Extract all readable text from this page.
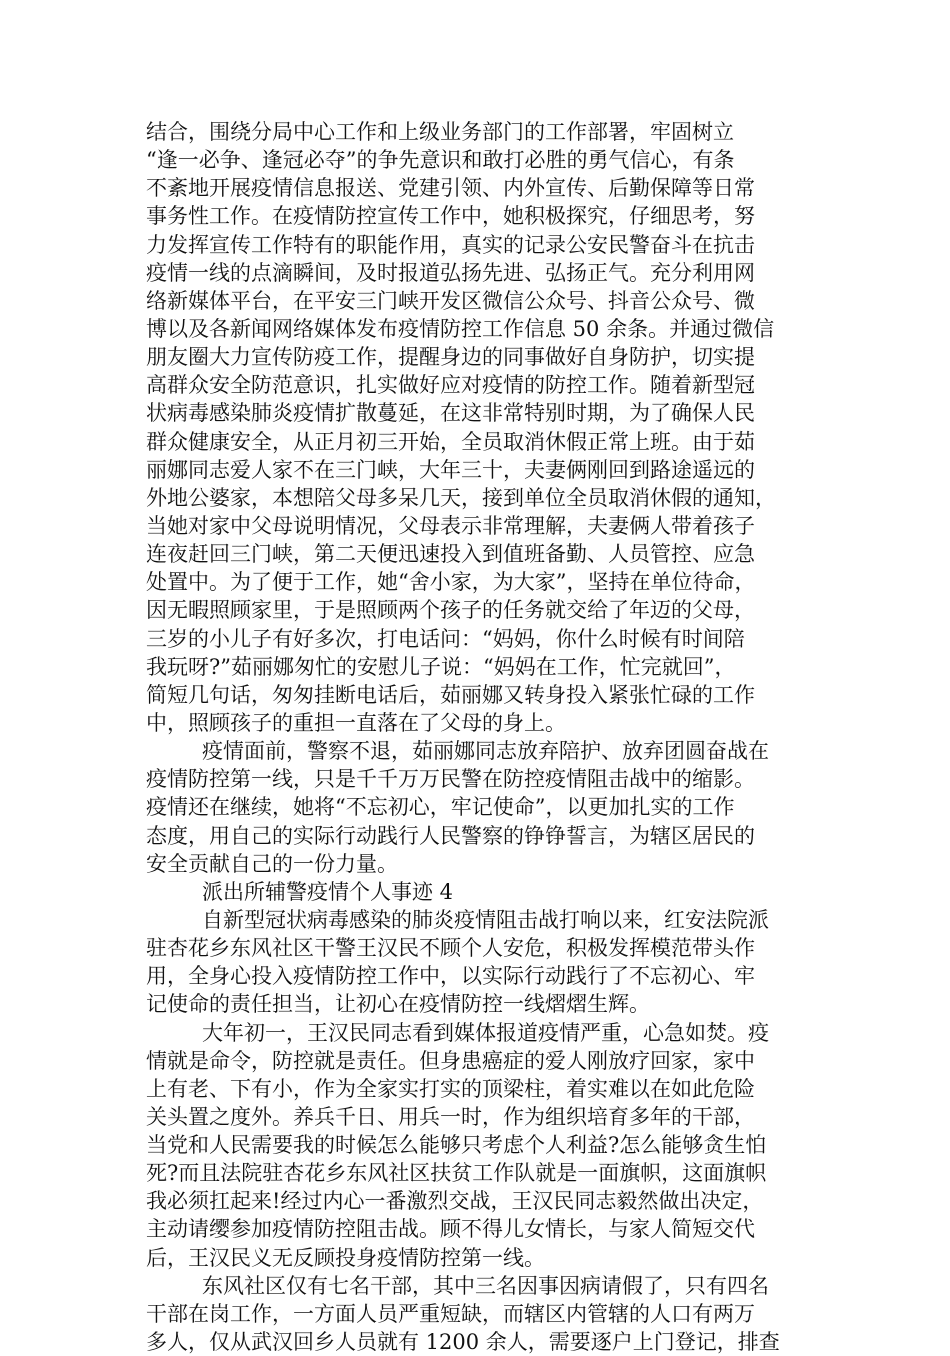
结合，围绕分局中心工作和上级业务部门的工作部署，牢固树立
“逢一必争、逢冠必夺”的争先意识和敢打必胜的勇气信心，有条
不紊地开展疫情信息报送、党建引领、内外宣传、后勤保障等日常
事务性工作。在疫情防控宣传工作中，她积极探究，仔细思考，努
力发挥宣传工作特有的职能作用，真实的记录公安民警奋斗在抗击
疫情一线的点滴瞬间，及时报道弘扬先进、弘扬正气。充分利用网
络新媒体平台，在平安三门峡开发区微信公众号、抖音公众号、微
博以及各新闻网络媒体发布疫情防控工作信息 50 余条。并通过微信
朋友圈大力宣传防疫工作，提醒身边的同事做好自身防护，切实提
高群众安全防范意识，扎实做好应对疫情的防控工作。随着新型冠
状病毒感染肺炎疫情扩散蔓延，在这非常特别时期，为了确保人民
群众健康安全，从正月初三开始，全员取消休假正常上班。由于茹
丽娜同志爱人家不在三门峡，大年三十，夫妻俩刚回到路途遥远的
外地公婆家，本想陪父母多呆几天，接到单位全员取消休假的通知，
当她对家中父母说明情况，父母表示非常理解，夫妻俩人带着孩子
连夜赶回三门峡，第二天便迅速投入到值班备勤、人员管控、应急
处置中。为了便于工作，她“舍小家，为大家”，坚持在单位待命，
因无暇照顾家里，于是照顾两个孩子的任务就交给了年迈的父母，
三岁的小儿子有好多次，打电话问：“妈妈，你什么时候有时间陪
我玩呀?”茹丽娜匆忙的安慰儿子说：“妈妈在工作，忙完就回”，
简短几句话，匆匆挂断电话后，茹丽娜又转身投入紧张忙碌的工作
中，照顾孩子的重担一直落在了父母的身上。
疫情面前，警察不退，茹丽娜同志放弃陪护、放弃团圆奋战在
疫情防控第一线，只是千千万万民警在防控疫情阻击战中的缩影。
疫情还在继续，她将“不忘初心，牢记使命”，以更加扎实的工作
态度，用自己的实际行动践行人民警察的铮铮誓言，为辖区居民的
安全贡献自己的一份力量。
派出所辅警疫情个人事迹 4
自新型冠状病毒感染的肺炎疫情阻击战打响以来，红安法院派
驻杏花乡东风社区干警王汉民不顾个人安危，积极发挥模范带头作
用，全身心投入疫情防控工作中，以实际行动践行了不忘初心、牢
记使命的责任担当，让初心在疫情防控一线熠熠生辉。
大年初一，王汉民同志看到媒体报道疫情严重，心急如焚。疫
情就是命令，防控就是责任。但身患癌症的爱人刚放疗回家，家中
上有老、下有小，作为全家实打实的顶梁柱，着实难以在如此危险
关头置之度外。养兵千日、用兵一时，作为组织培育多年的干部，
当党和人民需要我的时候怎么能够只考虑个人利益?怎么能够贪生怕
死?而且法院驻杏花乡东风社区扶贫工作队就是一面旗帜，这面旗帜
我必须扛起来!经过内心一番激烈交战，王汉民同志毅然做出决定，
主动请缨参加疫情防控阻击战。顾不得儿女情长，与家人简短交代
后，王汉民义无反顾投身疫情防控第一线。
东风社区仅有七名干部，其中三名因事因病请假了，只有四名
干部在岗工作，一方面人员严重短缺，而辖区内管辖的人口有两万
多人，仅从武汉回乡人员就有 1200 余人，需要逐户上门登记，排查
